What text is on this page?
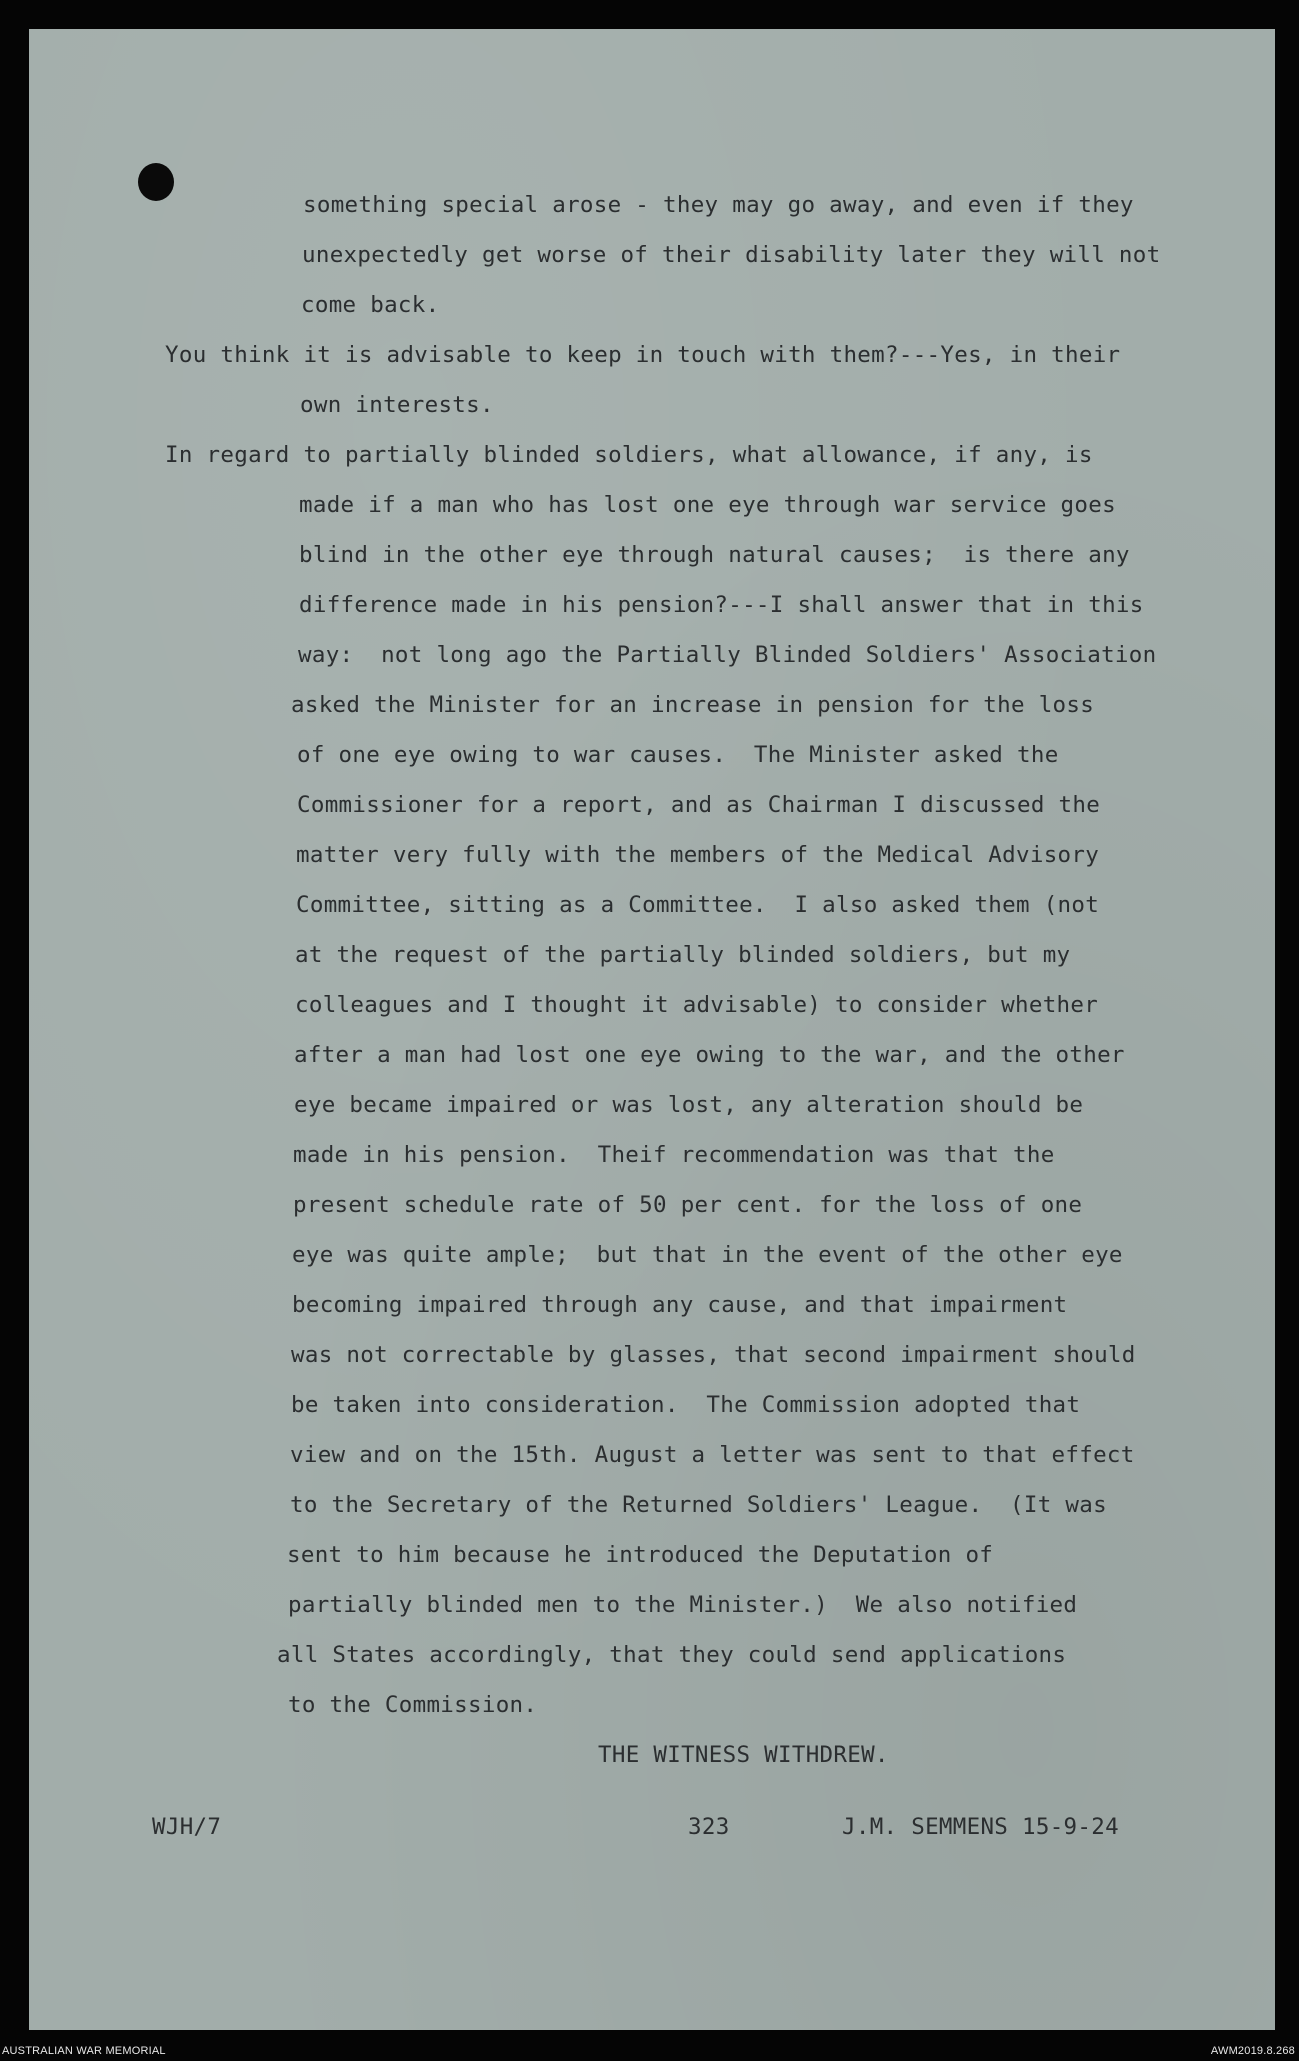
something special arose - they may go away, and even if they
unexpectedly get worse of their disability later they will not
come back.
You think it is advisable to keep in touch with them?---Yes, in their
own interests.
In regard to partially blinded soldiers, what allowance, if any, is
made if a man who has lost one eye through war service goes
blind in the other eye through natural causes;  is there any
difference made in his pension?---I shall answer that in this
way:  not long ago the Partially Blinded Soldiers' Association
asked the Minister for an increase in pension for the loss
of one eye owing to war causes.  The Minister asked the
Commissioner for a report, and as Chairman I discussed the
matter very fully with the members of the Medical Advisory
Committee, sitting as a Committee.  I also asked them (not
at the request of the partially blinded soldiers, but my
colleagues and I thought it advisable) to consider whether
after a man had lost one eye owing to the war, and the other
eye became impaired or was lost, any alteration should be
made in his pension.  Theif recommendation was that the
present schedule rate of 50 per cent. for the loss of one
eye was quite ample;  but that in the event of the other eye
becoming impaired through any cause, and that impairment
was not correctable by glasses, that second impairment should
be taken into consideration.  The Commission adopted that
view and on the 15th. August a letter was sent to that effect
to the Secretary of the Returned Soldiers' League.  (It was
sent to him because he introduced the Deputation of
partially blinded men to the Minister.)  We also notified
all States accordingly, that they could send applications
to the Commission.
THE WITNESS WITHDREW.
WJH/7	323	J.M. SEMMENS 15-9-24
AUSTRALIAN WAR MEMORIAL	AWM2019.8.268
